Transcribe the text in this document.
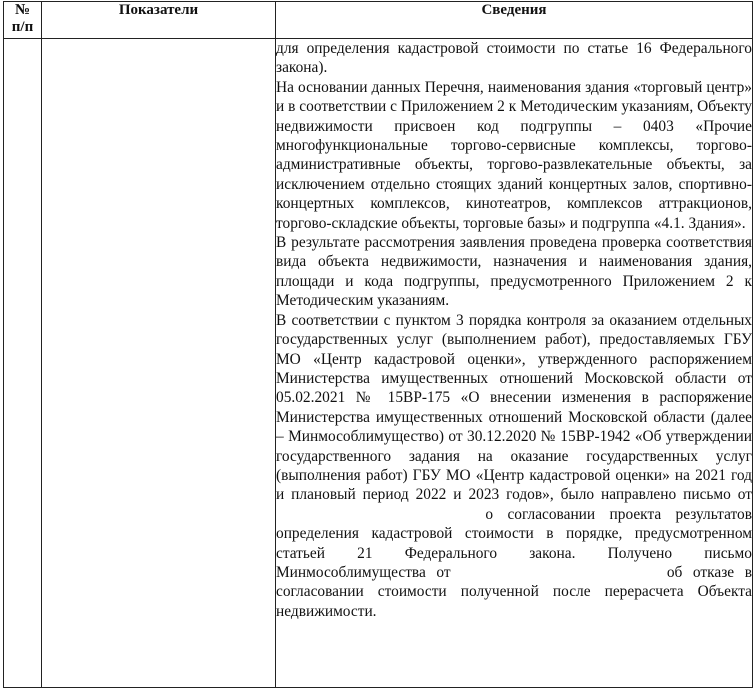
№
п/п	Показатели	Сведения

		для определения кадастровой стоимости по статье 16 Федерального закона).

На основании данных Перечня, наименования здания «торговый центр» и в соответствии с Приложением 2 к Методическим указаниям, Объекту недвижимости присвоен код подгруппы – 0403 «Прочие многофункциональные торгово-сервисные комплексы, торгово-административные объекты, торгово-развлекательные объекты, за исключением отдельно стоящих зданий концертных залов, спортивно-концертных комплексов, кинотеатров, комплексов аттракционов, торгово-складские объекты, торговые базы» и подгруппа «4.1. Здания».

В результате рассмотрения заявления проведена проверка соответствия вида объекта недвижимости, назначения и наименования здания, площади и кода подгруппы, предусмотренного Приложением 2 к Методическим указаниям.

В соответствии с пунктом 3 порядка контроля за оказанием отдельных государственных услуг (выполнением работ), предоставляемых ГБУ МО «Центр кадастровой оценки», утвержденного распоряжением Министерства имущественных отношений Московской области от 05.02.2021 № 15ВР-175 «О внесении изменения в распоряжение Министерства имущественных отношений Московской области (далее – Минмособлимущество) от 30.12.2020 № 15ВР-1942 «Об утверждении государственного задания на оказание государственных услуг (выполнения работ) ГБУ МО «Центр кадастровой оценки» на 2021 год и плановый период 2022 и 2023 годов», было направлено письмо от  о согласовании проекта результатов определения кадастровой стоимости в порядке, предусмотренном статьей 21 Федерального закона. Получено письмо Минмособлимущества от об отказе в согласовании стоимости полученной после перерасчета Объекта недвижимости.
